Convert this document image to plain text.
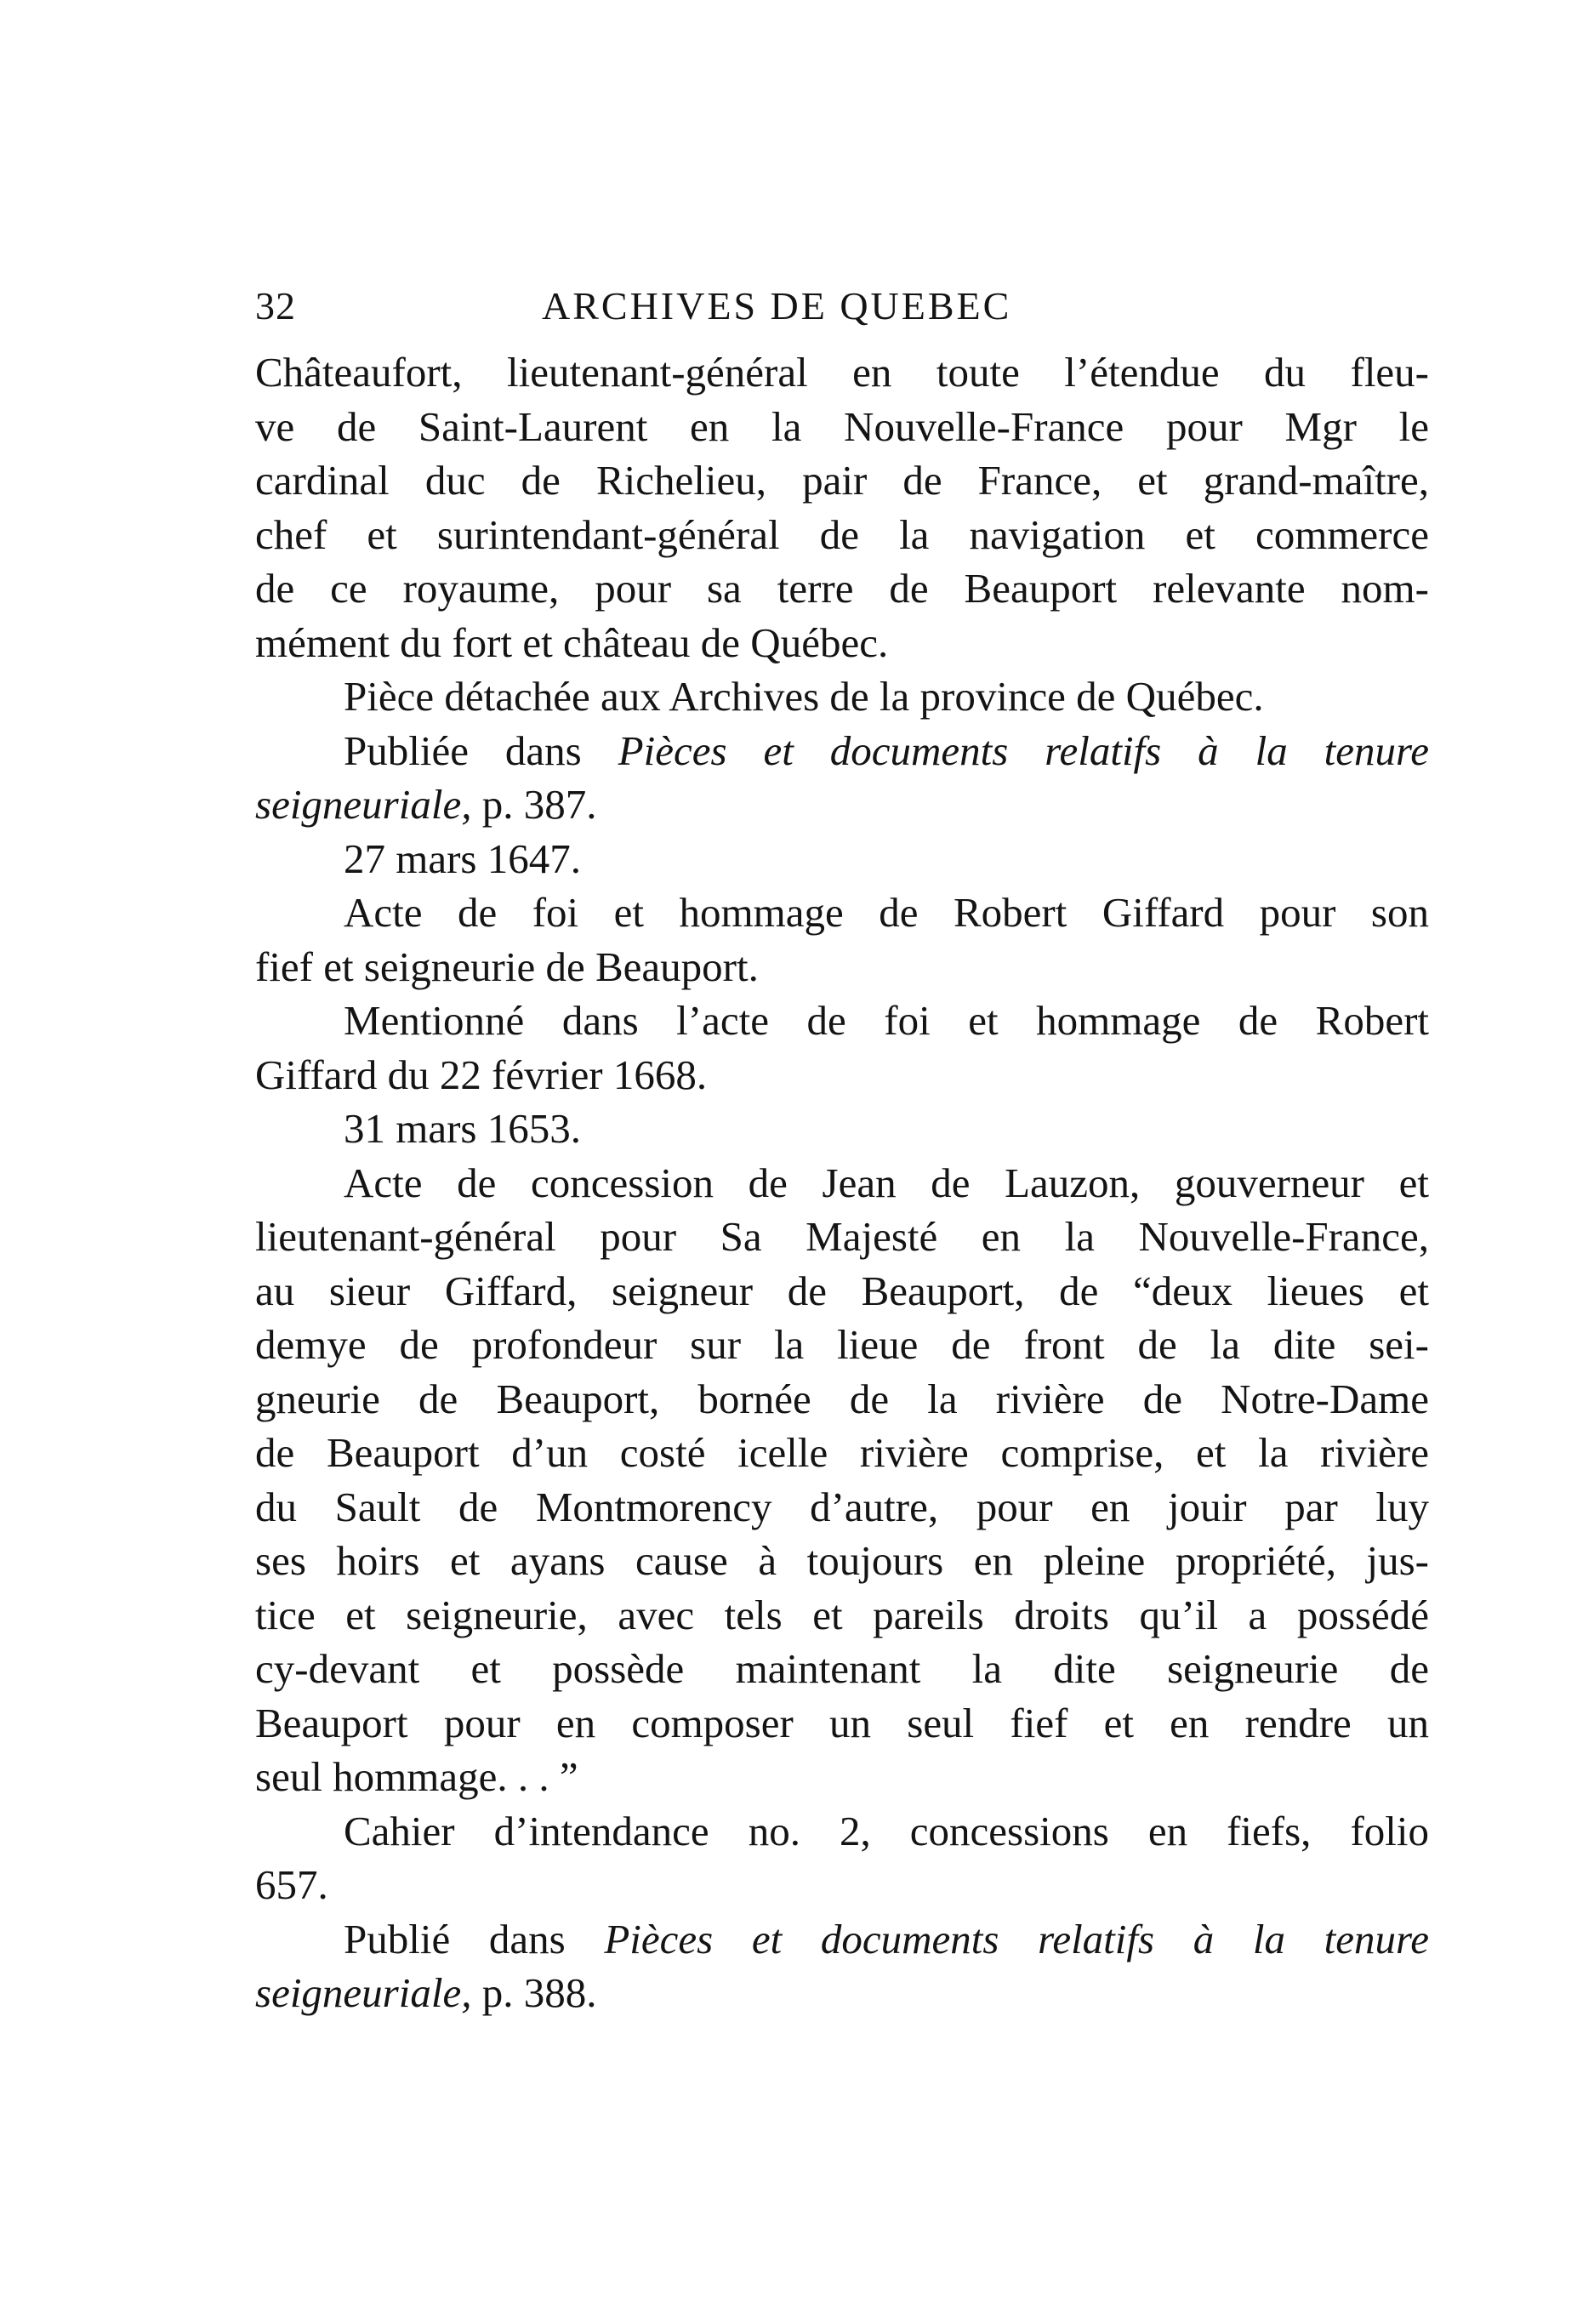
32	ARCHIVES DE QUEBEC

Châteaufort, lieutenant-général en toute l’étendue du fleu-
ve de Saint-Laurent en la Nouvelle-France pour Mgr le
cardinal duc de Richelieu, pair de France, et grand-maître,
chef et surintendant-général de la navigation et commerce
de ce royaume, pour sa terre de Beauport relevante nom-
mément du fort et château de Québec.

Pièce détachée aux Archives de la province de Québec.

Publiée dans Pièces et documents relatifs à la tenure
seigneuriale, p. 387.

27 mars 1647.

Acte de foi et hommage de Robert Giffard pour son
fief et seigneurie de Beauport.

Mentionné dans l’acte de foi et hommage de Robert
Giffard du 22 février 1668.

31 mars 1653.

Acte de concession de Jean de Lauzon, gouverneur et
lieutenant-général pour Sa Majesté en la Nouvelle-France,
au sieur Giffard, seigneur de Beauport, de “deux lieues et
demye de profondeur sur la lieue de front de la dite sei-
gneurie de Beauport, bornée de la rivière de Notre-Dame
de Beauport d’un costé icelle rivière comprise, et la rivière
du Sault de Montmorency d’autre, pour en jouir par luy
ses hoirs et ayans cause à toujours en pleine propriété, jus-
tice et seigneurie, avec tels et pareils droits qu’il a possédé
cy-devant et possède maintenant la dite seigneurie de
Beauport pour en composer un seul fief et en rendre un
seul hommage. . . ”

Cahier d’intendance no. 2, concessions en fiefs, folio
657.

Publié dans Pièces et documents relatifs à la tenure
seigneuriale, p. 388.
